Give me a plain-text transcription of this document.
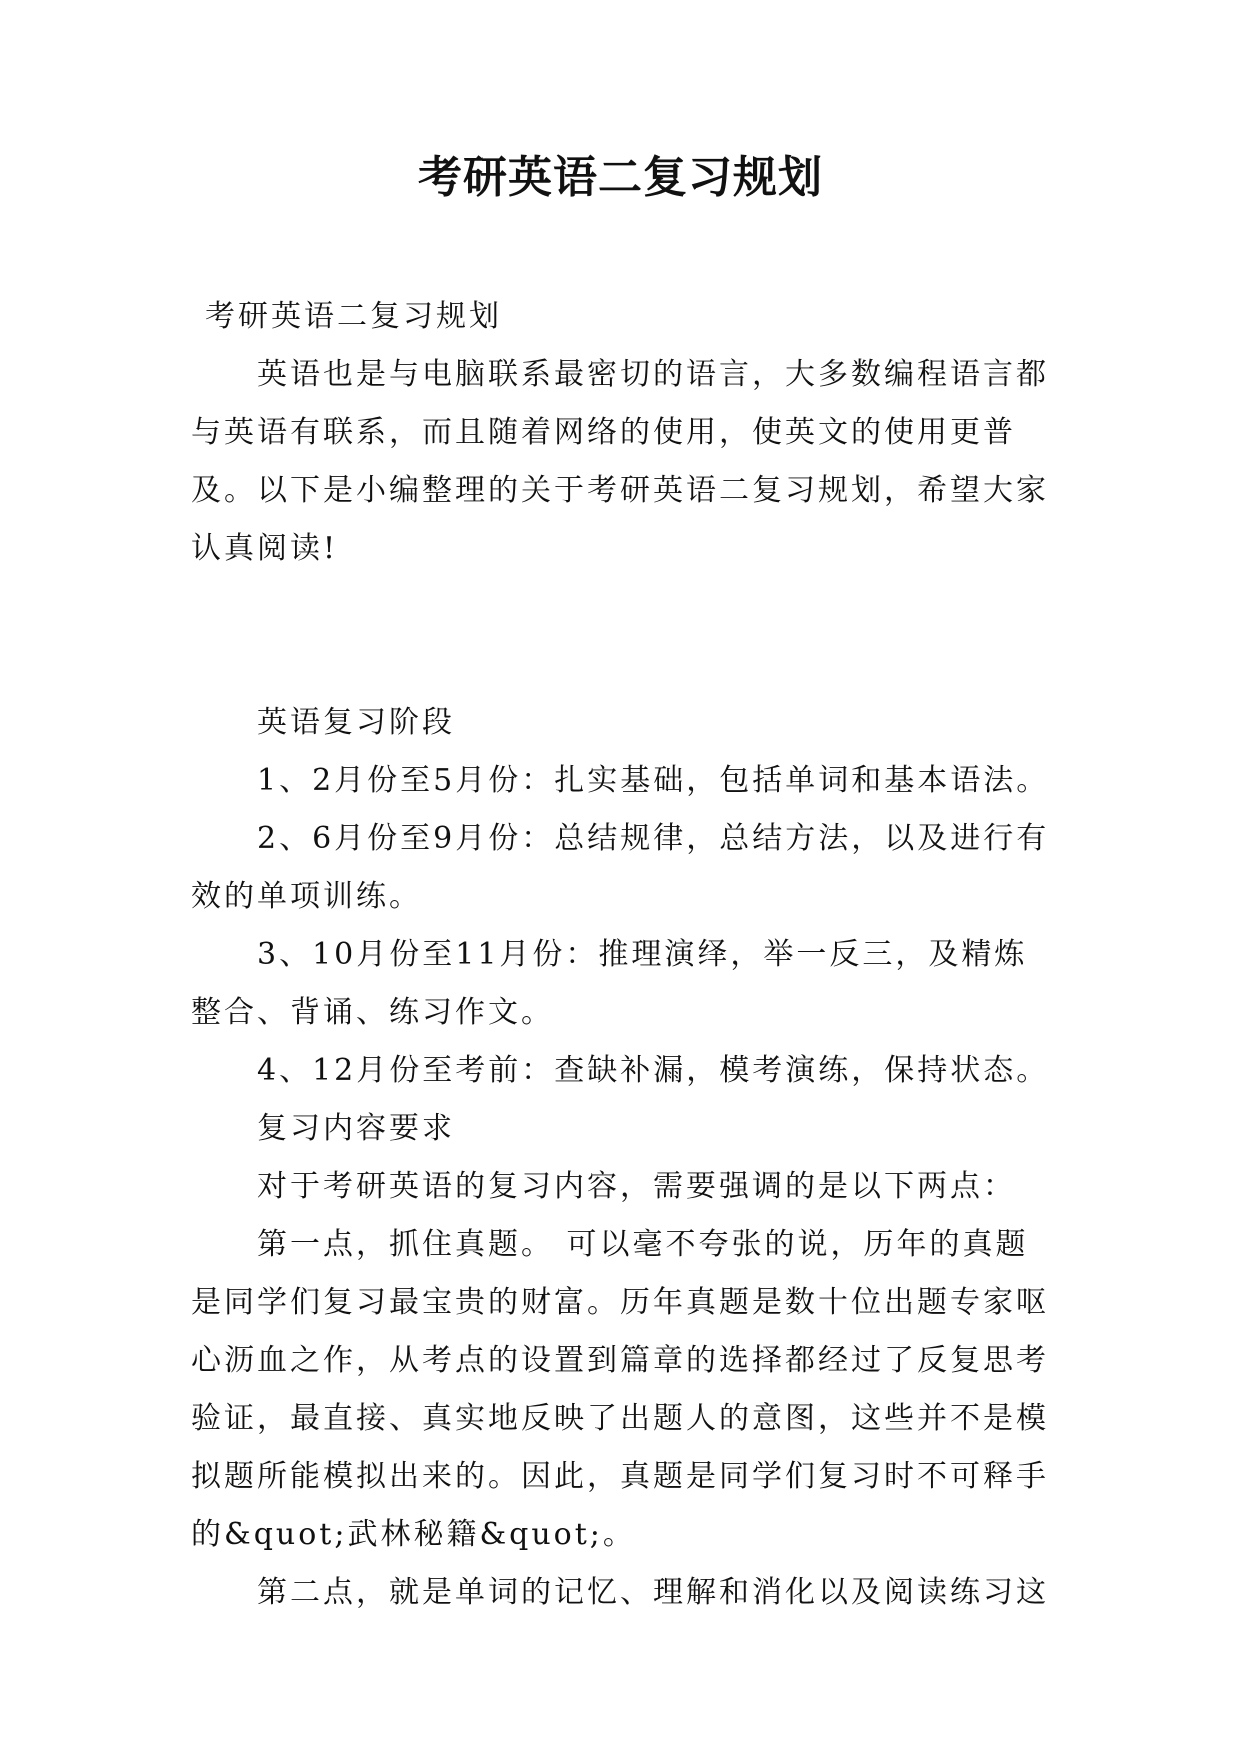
考研英语二复习规划

考研英语二复习规划

英语也是与电脑联系最密切的语言，大多数编程语言都与英语有联系，而且随着网络的使用，使英文的使用更普及。以下是小编整理的关于考研英语二复习规划，希望大家认真阅读!

英语复习阶段

1、2月份至5月份：扎实基础，包括单词和基本语法。

2、6月份至9月份：总结规律，总结方法，以及进行有效的单项训练。

3、10月份至11月份：推理演绎，举一反三，及精炼整合、背诵、练习作文。

4、12月份至考前：查缺补漏，模考演练，保持状态。

复习内容要求

对于考研英语的复习内容，需要强调的是以下两点：

第一点，抓住真题。 可以毫不夸张的说，历年的真题是同学们复习最宝贵的财富。历年真题是数十位出题专家呕心沥血之作，从考点的设置到篇章的选择都经过了反复思考验证，最直接、真实地反映了出题人的意图，这些并不是模拟题所能模拟出来的。因此，真题是同学们复习时不可释手的&quot;武林秘籍&quot;。

第二点，就是单词的记忆、理解和消化以及阅读练习这
